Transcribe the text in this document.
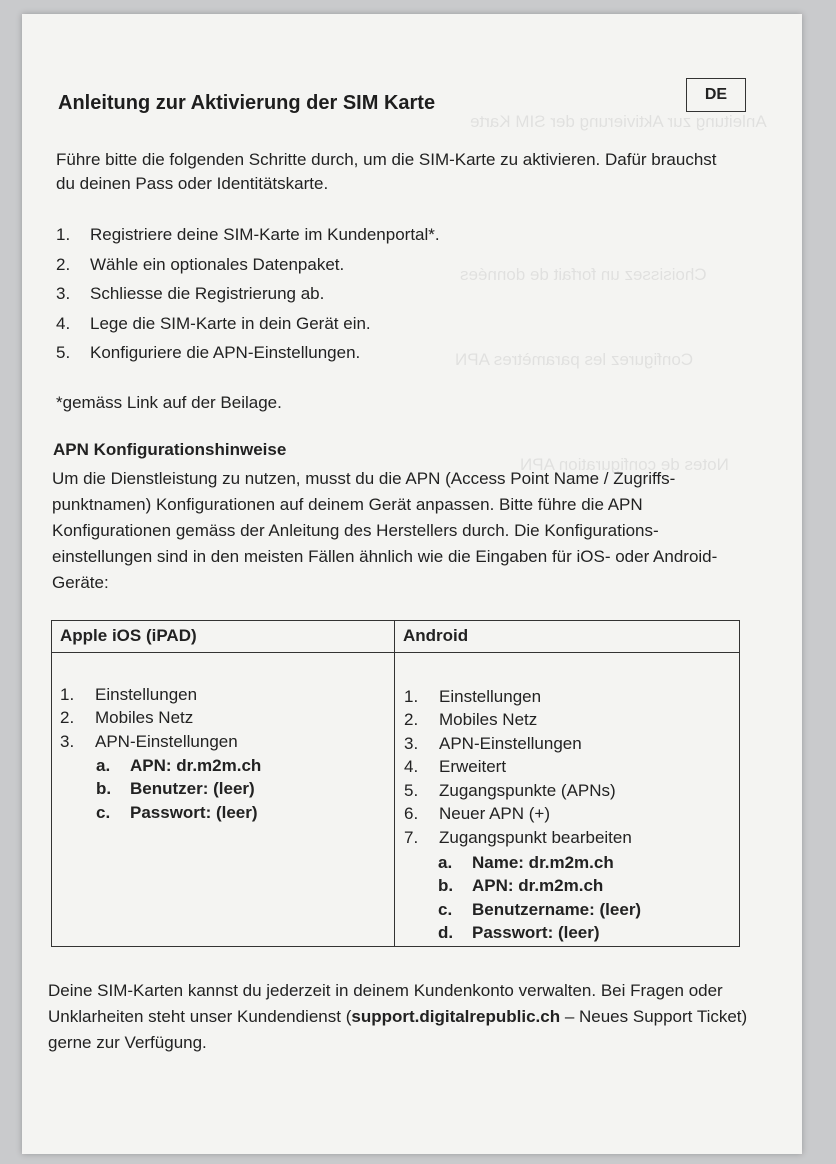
Anleitung zur Aktivierung der SIM Karte
Choisissez un forfait de données
Configurez les paramètres APN
Notes de configuration APN
Anleitung zur Aktivierung der SIM Karte	DE
Führe bitte die folgenden Schritte durch, um die SIM-Karte zu aktivieren. Dafür brauchst du deinen Pass oder Identitätskarte.
1.	Registriere deine SIM-Karte im Kundenportal*.
2.	Wähle ein optionales Datenpaket.
3.	Schliesse die Registrierung ab.
4.	Lege die SIM-Karte in dein Gerät ein.
5.	Konfiguriere die APN-Einstellungen.
*gemäss Link auf der Beilage.
APN Konfigurationshinweise
Um die Dienstleistung zu nutzen, musst du die APN (Access Point Name / Zugriffs-punktnamen) Konfigurationen auf deinem Gerät anpassen. Bitte führe die APN Konfigurationen gemäss der Anleitung des Herstellers durch. Die Konfigurations-einstellungen sind in den meisten Fällen ähnlich wie die Eingaben für iOS- oder Android-Geräte:
Apple iOS (iPAD)	Android
1.	Einstellungen
2.	Mobiles Netz
3.	APN-Einstellungen
a.	APN: dr.m2m.ch
b.	Benutzer: (leer)
c.	Passwort: (leer)
1.	Einstellungen
2.	Mobiles Netz
3.	APN-Einstellungen
4.	Erweitert
5.	Zugangspunkte (APNs)
6.	Neuer APN (+)
7.	Zugangspunkt bearbeiten
a.	Name: dr.m2m.ch
b.	APN: dr.m2m.ch
c.	Benutzername: (leer)
d.	Passwort: (leer)
Deine SIM-Karten kannst du jederzeit in deinem Kundenkonto verwalten. Bei Fragen oder Unklarheiten steht unser Kundendienst (support.digitalrepublic.ch – Neues Support Ticket) gerne zur Verfügung.
